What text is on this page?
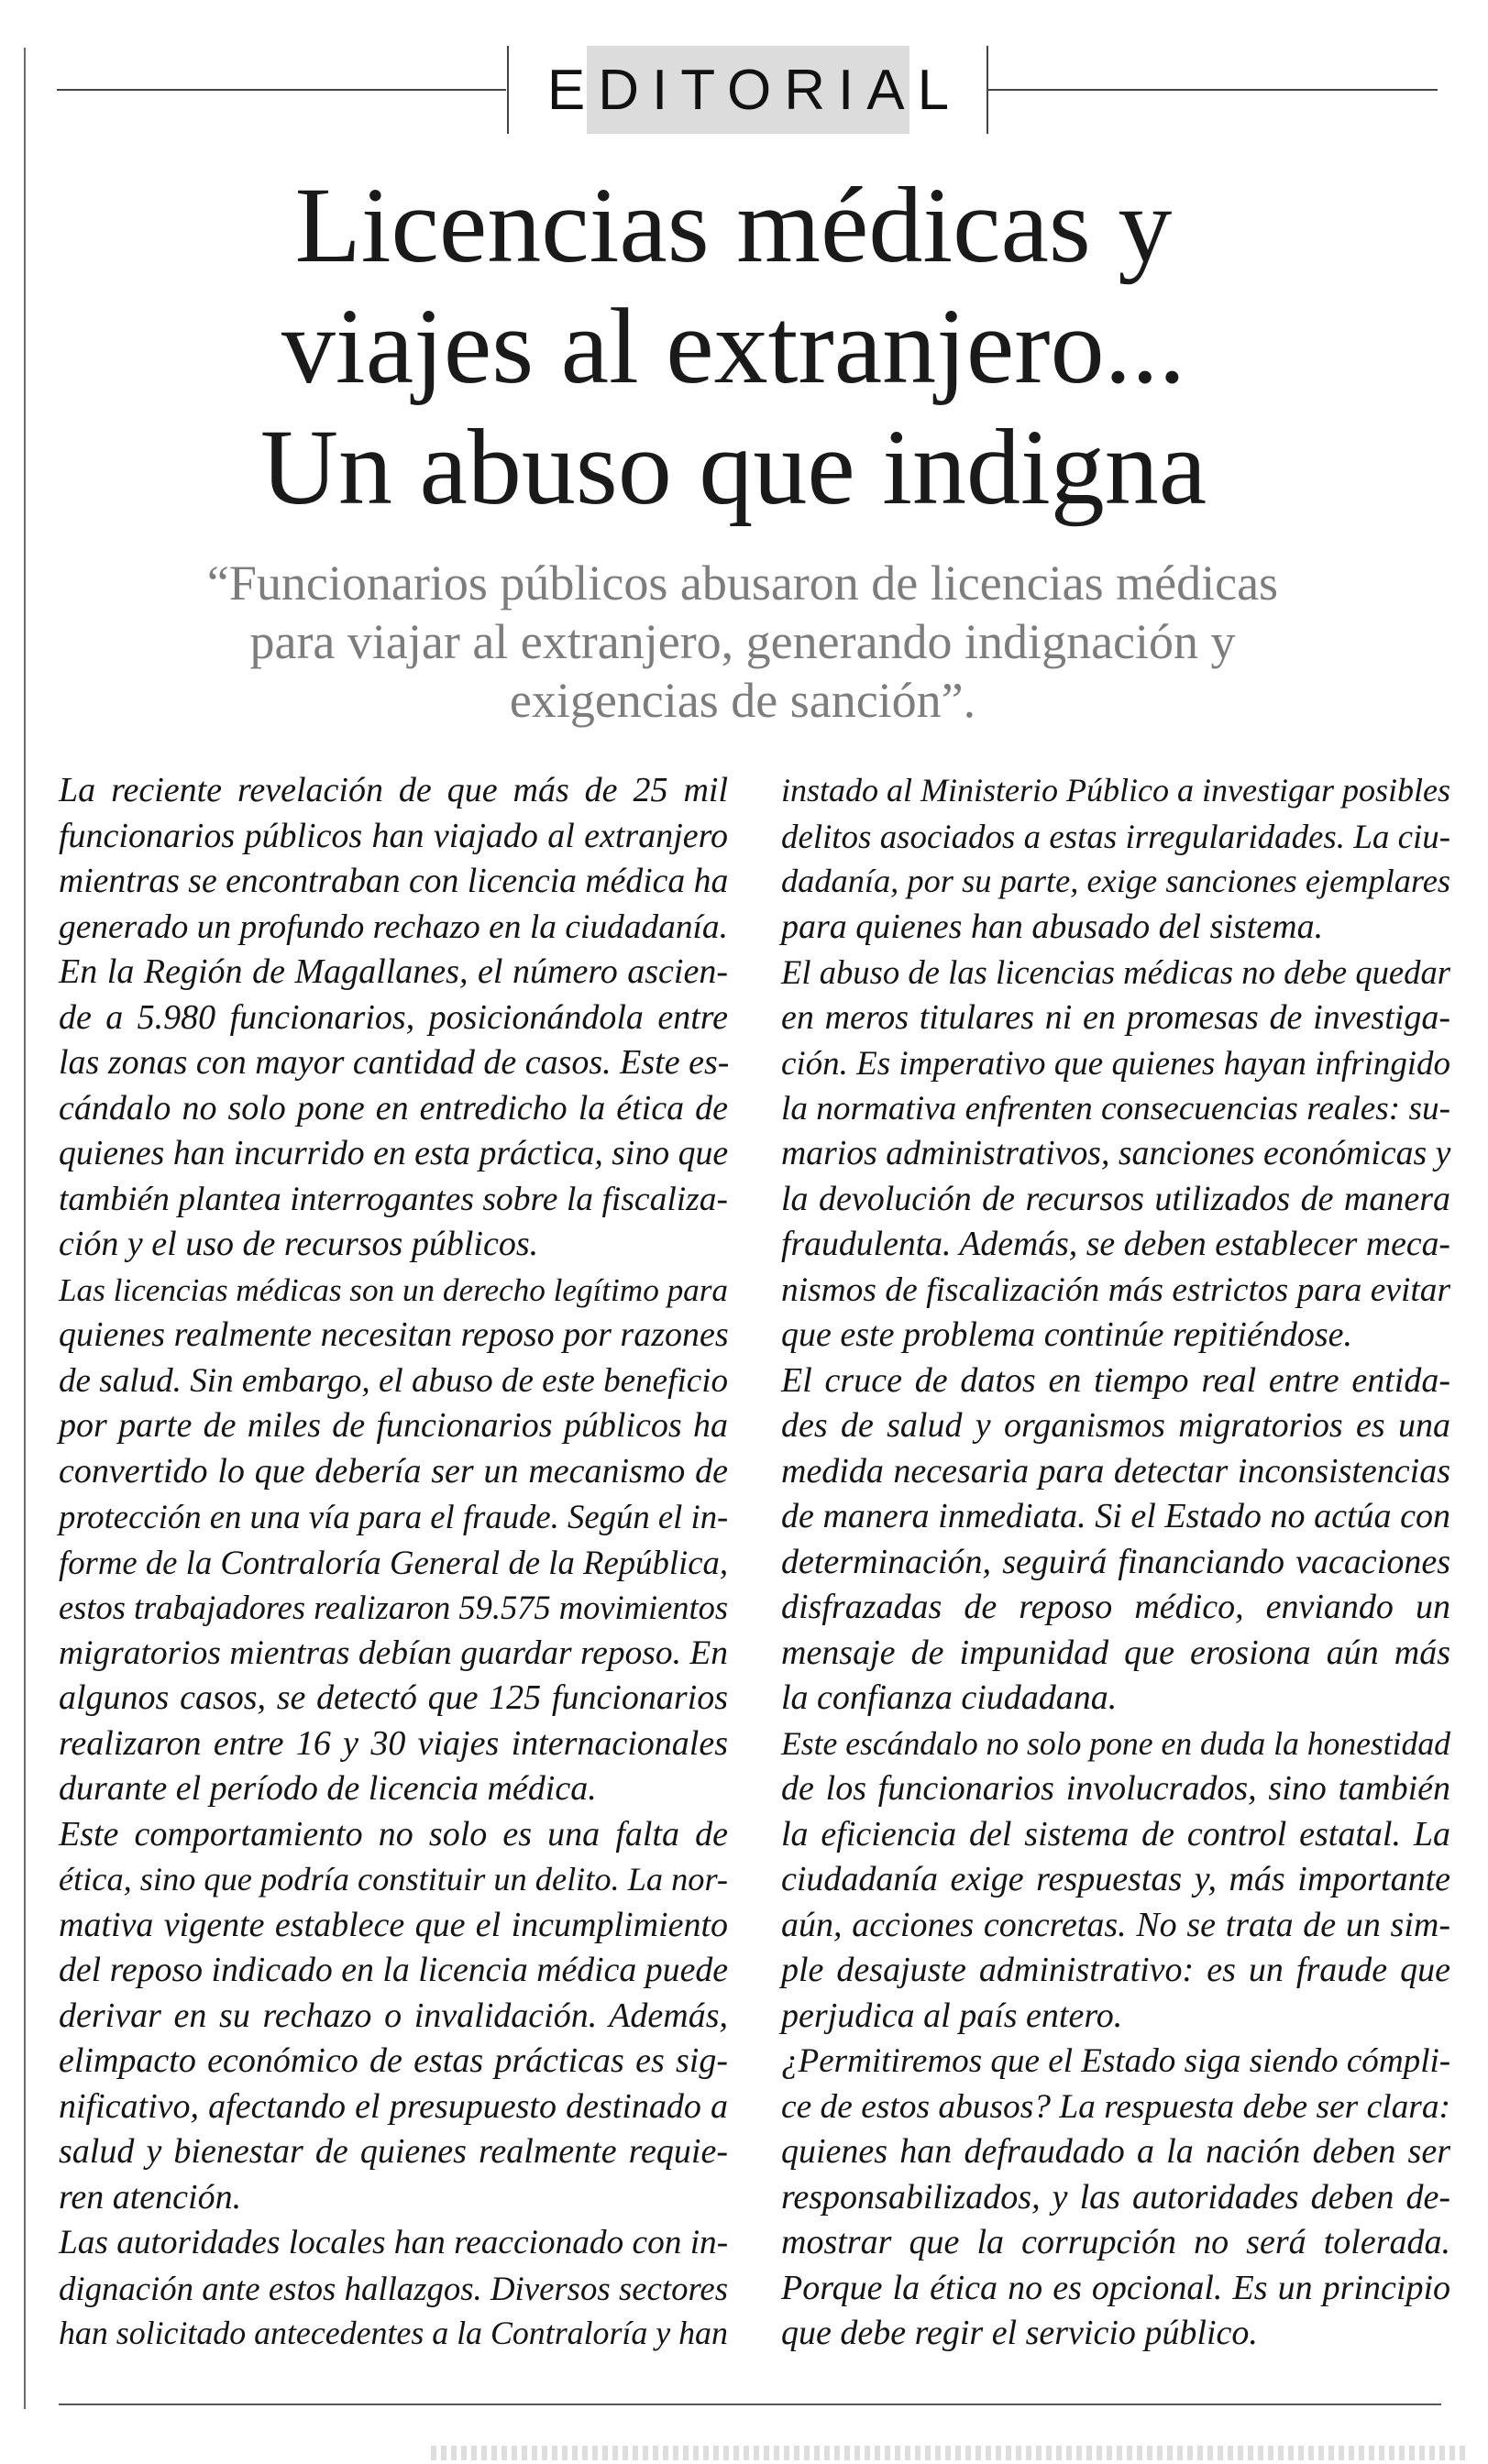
EDITORIAL
Licencias médicas y
viajes al extranjero...
Un abuso que indigna

“Funcionarios públicos abusaron de licencias médicas
para viajar al extranjero, generando indignación y
exigencias de sanción”.

La reciente revelación de que más de 25 mil
funcionarios públicos han viajado al extranjero
mientras se encontraban con licencia médica ha
generado un profundo rechazo en la ciudadanía.
En la Región de Magallanes, el número ascien-
de a 5.980 funcionarios, posicionándola entre
las zonas con mayor cantidad de casos. Este es-
cándalo no solo pone en entredicho la ética de
quienes han incurrido en esta práctica, sino que
también plantea interrogantes sobre la fiscaliza-
ción y el uso de recursos públicos.
Las licencias médicas son un derecho legítimo para
quienes realmente necesitan reposo por razones
de salud. Sin embargo, el abuso de este beneficio
por parte de miles de funcionarios públicos ha
convertido lo que debería ser un mecanismo de
protección en una vía para el fraude. Según el in-
forme de la Contraloría General de la República,
estos trabajadores realizaron 59.575 movimientos
migratorios mientras debían guardar reposo. En
algunos casos, se detectó que 125 funcionarios
realizaron entre 16 y 30 viajes internacionales
durante el período de licencia médica.
Este comportamiento no solo es una falta de
ética, sino que podría constituir un delito. La nor-
mativa vigente establece que el incumplimiento
del reposo indicado en la licencia médica puede
derivar en su rechazo o invalidación. Además,
elimpacto económico de estas prácticas es sig-
nificativo, afectando el presupuesto destinado a
salud y bienestar de quienes realmente requie-
ren atención.
Las autoridades locales han reaccionado con in-
dignación ante estos hallazgos. Diversos sectores
han solicitado antecedentes a la Contraloría y han
instado al Ministerio Público a investigar posibles
delitos asociados a estas irregularidades. La ciu-
dadanía, por su parte, exige sanciones ejemplares
para quienes han abusado del sistema.
El abuso de las licencias médicas no debe quedar
en meros titulares ni en promesas de investiga-
ción. Es imperativo que quienes hayan infringido
la normativa enfrenten consecuencias reales: su-
marios administrativos, sanciones económicas y
la devolución de recursos utilizados de manera
fraudulenta. Además, se deben establecer meca-
nismos de fiscalización más estrictos para evitar
que este problema continúe repitiéndose.
El cruce de datos en tiempo real entre entida-
des de salud y organismos migratorios es una
medida necesaria para detectar inconsistencias
de manera inmediata. Si el Estado no actúa con
determinación, seguirá financiando vacaciones
disfrazadas de reposo médico, enviando un
mensaje de impunidad que erosiona aún más
la confianza ciudadana.
Este escándalo no solo pone en duda la honestidad
de los funcionarios involucrados, sino también
la eficiencia del sistema de control estatal. La
ciudadanía exige respuestas y, más importante
aún, acciones concretas. No se trata de un sim-
ple desajuste administrativo: es un fraude que
perjudica al país entero.
¿Permitiremos que el Estado siga siendo cómpli-
ce de estos abusos? La respuesta debe ser clara:
quienes han defraudado a la nación deben ser
responsabilizados, y las autoridades deben de-
mostrar que la corrupción no será tolerada.
Porque la ética no es opcional. Es un principio
que debe regir el servicio público.
